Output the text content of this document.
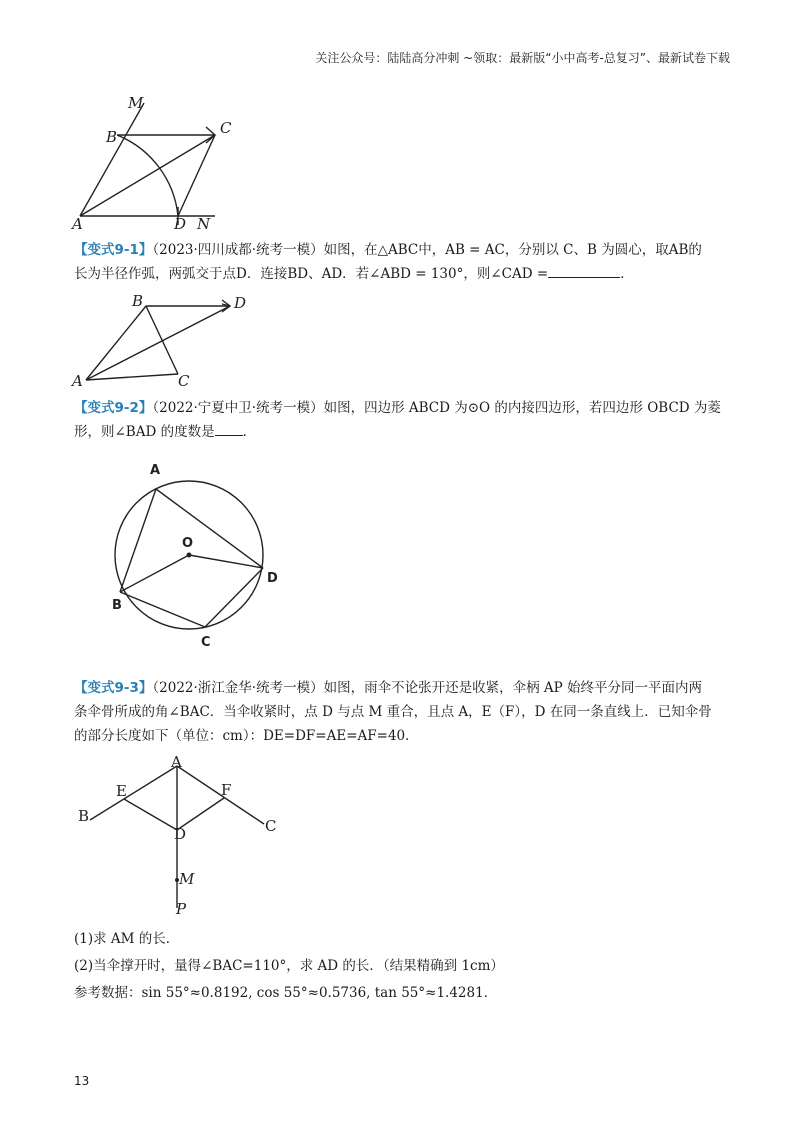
关注公众号：陆陆高分冲刺 ~领取：最新版“小中高考-总复习”、最新试卷下载
M
B	C
A	D N
【变式9-1】（2023·四川成都·统考一模）如图，在△ABC中，AB = AC，分别以 C、B 为圆心，取AB的
长为半径作弧，两弧交于点D．连接BD、AD．若∠ABD = 130°，则∠CAD =	．
B	D
A	C
【变式9-2】（2022·宁夏中卫·统考一模）如图，四边形 ABCD 为⊙O 的内接四边形，若四边形 OBCD 为菱
形，则∠BAD 的度数是 ．
A
O
D
B
C
【变式9-3】（2022·浙江金华·统考一模）如图，雨伞不论张开还是收紧，伞柄 AP 始终平分同一平面内两
条伞骨所成的角∠BAC．当伞收紧时，点 D 与点 M 重合，且点 A，E（F），D 在同一条直线上．已知伞骨
的部分长度如下（单位：cm）：DE=DF=AE=AF=40．
A
E	F
B
C
D
M
P
(1)求 AM 的长．
(2)当伞撑开时，量得∠BAC=110°，求 AD 的长．（结果精确到 1cm）
参考数据：sin 55°≈0.8192, cos 55°≈0.5736, tan 55°≈1.4281．
13
